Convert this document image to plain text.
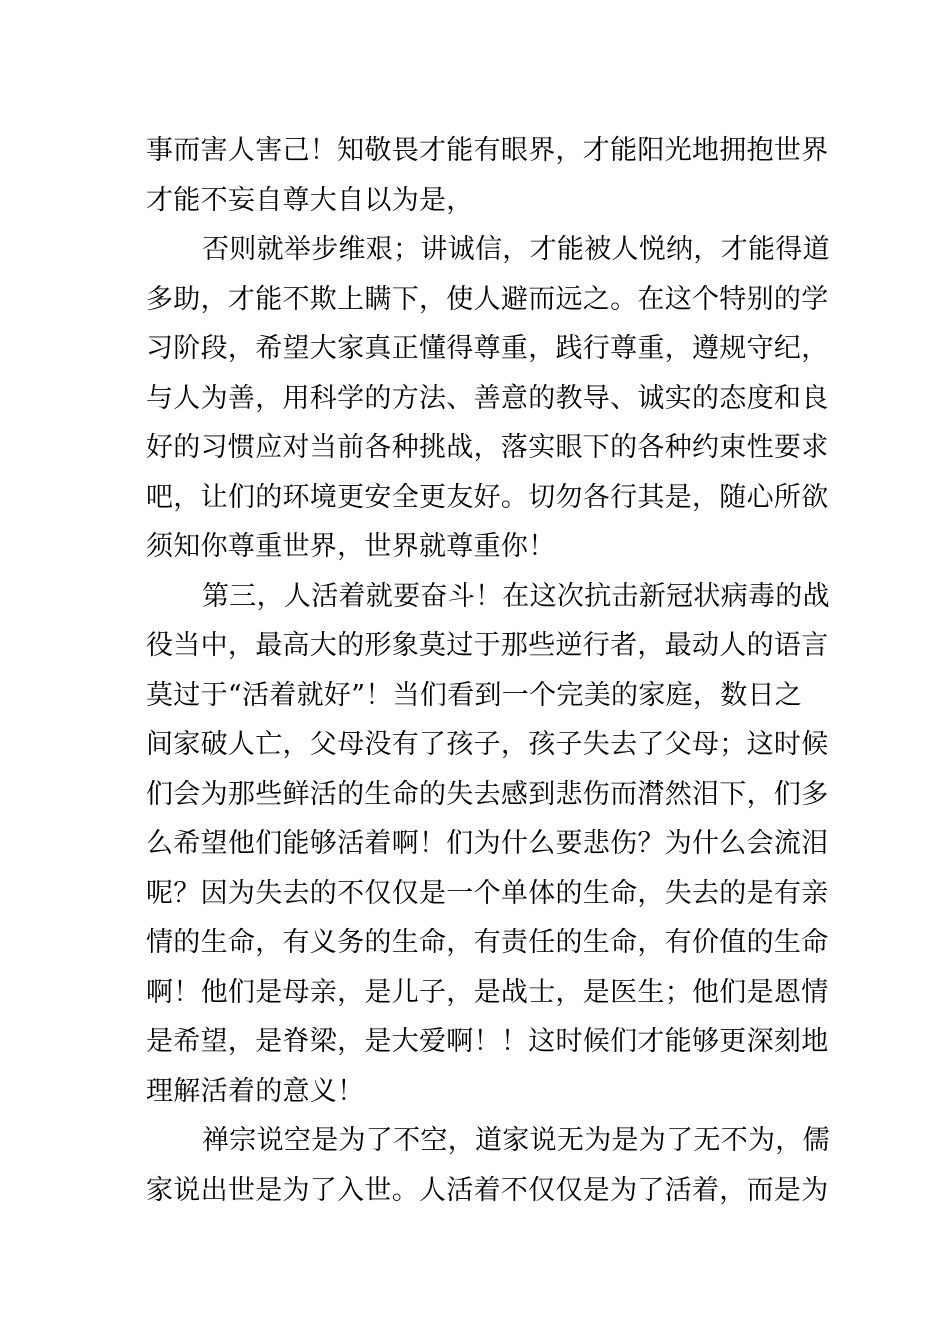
事而害人害己！知敬畏才能有眼界，才能阳光地拥抱世界
才能不妄自尊大自以为是，
否则就举步维艰；讲诚信，才能被人悦纳，才能得道
多助，才能不欺上瞒下，使人避而远之。在这个特别的学
习阶段，希望大家真正懂得尊重，践行尊重，遵规守纪，
与人为善，用科学的方法、善意的教导、诚实的态度和良
好的习惯应对当前各种挑战，落实眼下的各种约束性要求
吧，让们的环境更安全更友好。切勿各行其是，随心所欲
须知你尊重世界，世界就尊重你！
第三，人活着就要奋斗！在这次抗击新冠状病毒的战
役当中，最高大的形象莫过于那些逆行者，最动人的语言
莫过于“活着就好”！当们看到一个完美的家庭，数日之
间家破人亡，父母没有了孩子，孩子失去了父母；这时候
们会为那些鲜活的生命的失去感到悲伤而潸然泪下，们多
么希望他们能够活着啊！们为什么要悲伤？为什么会流泪
呢？因为失去的不仅仅是一个单体的生命，失去的是有亲
情的生命，有义务的生命，有责任的生命，有价值的生命
啊！他们是母亲，是儿子，是战士，是医生；他们是恩情
是希望，是脊梁，是大爱啊！！这时候们才能够更深刻地
理解活着的意义！
禅宗说空是为了不空，道家说无为是为了无不为，儒
家说出世是为了入世。人活着不仅仅是为了活着，而是为
